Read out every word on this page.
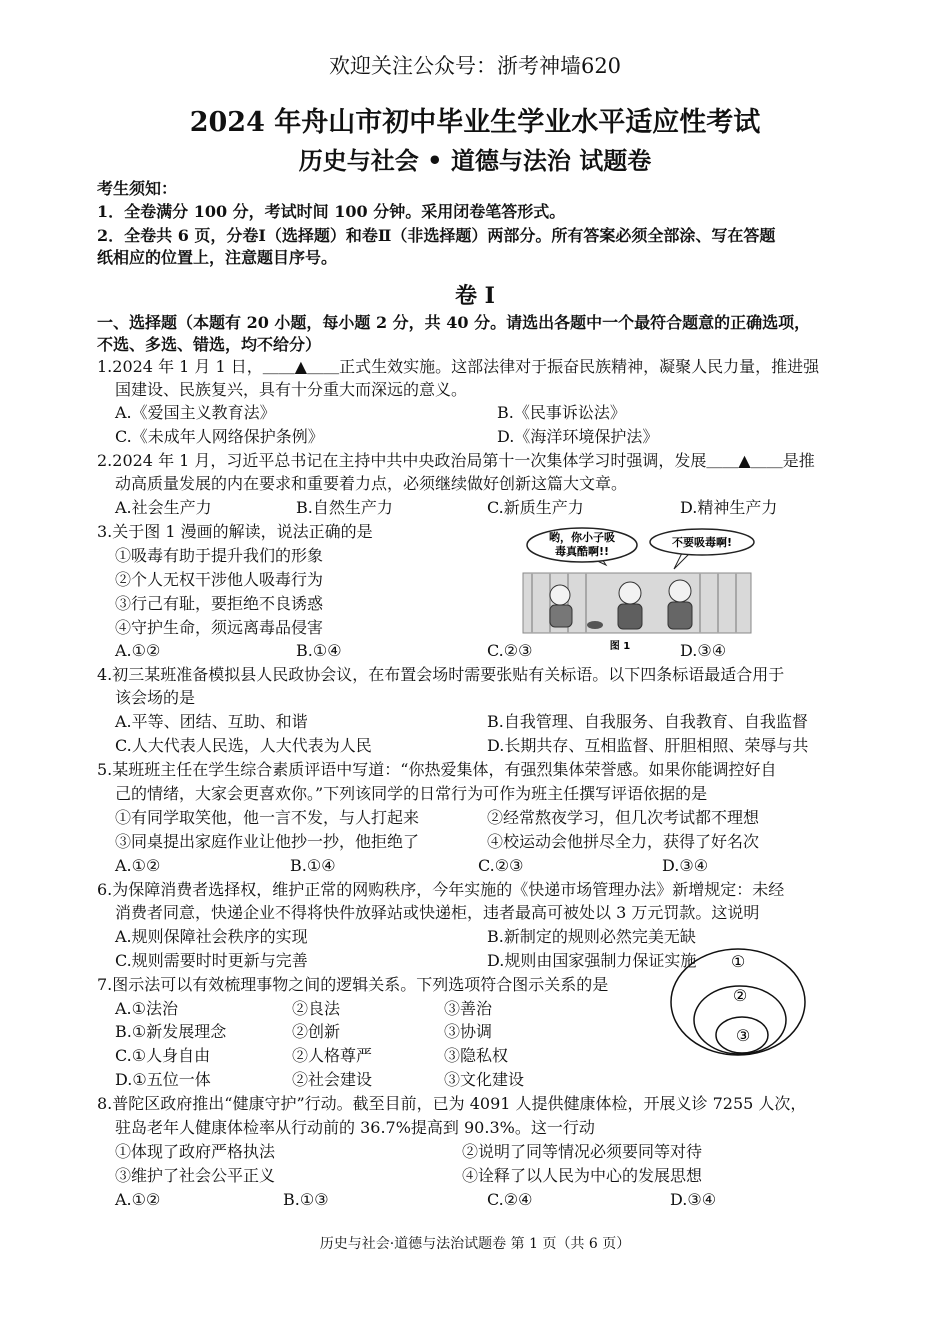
欢迎关注公众号：浙考神墙620
2024 年舟山市初中毕业生学业水平适应性考试
历史与社会 • 道德与法治 试题卷
考生须知：
1．全卷满分 100 分，考试时间 100 分钟。采用闭卷笔答形式。
2．全卷共 6 页，分卷Ⅰ（选择题）和卷Ⅱ（非选择题）两部分。所有答案必须全部涂、写在答题
纸相应的位置上，注意题目序号。
卷 I
一、选择题（本题有 20 小题，每小题 2 分，共 40 分。请选出各题中一个最符合题意的正确选项，
不选、多选、错选，均不给分）
1.2024 年 1 月 1 日，＿＿▲＿＿正式生效实施。这部法律对于振奋民族精神，凝聚人民力量，推进强
国建设、民族复兴，具有十分重大而深远的意义。
A.《爱国主义教育法》	B.《民事诉讼法》
C.《未成年人网络保护条例》	D.《海洋环境保护法》
2.2024 年 1 月，习近平总书记在主持中共中央政治局第十一次集体学习时强调，发展＿＿▲＿＿是推
动高质量发展的内在要求和重要着力点，必须继续做好创新这篇大文章。
A.社会生产力	B.自然生产力	C.新质生产力	D.精神生产力
3.关于图 1 漫画的解读，说法正确的是
①吸毒有助于提升我们的形象
②个人无权干涉他人吸毒行为
③行己有耻，要拒绝不良诱惑
④守护生命，须远离毒品侵害
A.①②	B.①④	C.②③	D.③④
哟，你小子吸
毒真酷啊!!
不要吸毒啊!
图 1
4.初三某班准备模拟县人民政协会议，在布置会场时需要张贴有关标语。以下四条标语最适合用于
该会场的是
A.平等、团结、互助、和谐	B.自我管理、自我服务、自我教育、自我监督
C.人大代表人民选，人大代表为人民	D.长期共存、互相监督、肝胆相照、荣辱与共
5.某班班主任在学生综合素质评语中写道：“你热爱集体，有强烈集体荣誉感。如果你能调控好自
己的情绪，大家会更喜欢你。”下列该同学的日常行为可作为班主任撰写评语依据的是
①有同学取笑他，他一言不发，与人打起来	②经常熬夜学习，但几次考试都不理想
③同桌提出家庭作业让他抄一抄，他拒绝了	④校运动会他拼尽全力，获得了好名次
A.①②	B.①④	C.②③	D.③④
6.为保障消费者选择权，维护正常的网购秩序，今年实施的《快递市场管理办法》新增规定：未经
消费者同意，快递企业不得将快件放驿站或快递柜，违者最高可被处以 3 万元罚款。这说明
A.规则保障社会秩序的实现	B.新制定的规则必然完美无缺
C.规则需要时时更新与完善	D.规则由国家强制力保证实施
7.图示法可以有效梳理事物之间的逻辑关系。下列选项符合图示关系的是
A.①法治	②良法	③善治
B.①新发展理念	②创新	③协调
C.①人身自由	②人格尊严	③隐私权
D.①五位一体	②社会建设	③文化建设
①
②
③
8.普陀区政府推出“健康守护”行动。截至目前，已为 4091 人提供健康体检，开展义诊 7255 人次，
驻岛老年人健康体检率从行动前的 36.7%提高到 90.3%。这一行动
①体现了政府严格执法	②说明了同等情况必须要同等对待
③维护了社会公平正义	④诠释了以人民为中心的发展思想
A.①②	B.①③	C.②④	D.③④
历史与社会·道德与法治试题卷 第 1 页（共 6 页）
